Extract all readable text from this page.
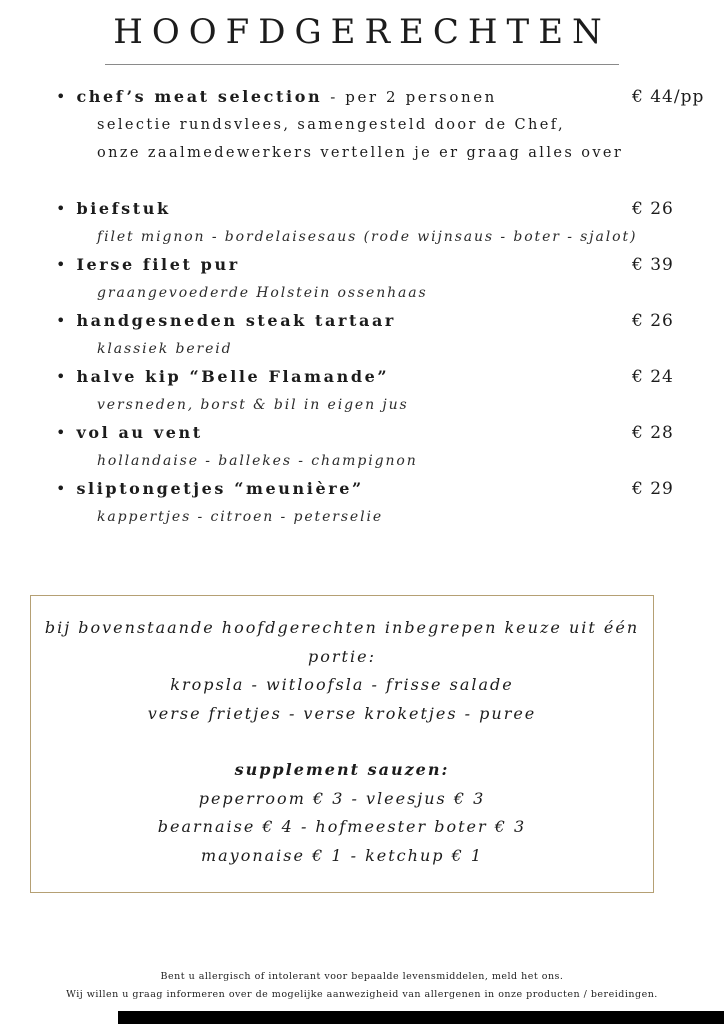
HOOFDGERECHTEN
• chef’s meat selection - per 2 personen	€ 44/pp
selectie rundsvlees, samengesteld door de Chef,
onze zaalmedewerkers vertellen je er graag alles over
• biefstuk	€ 26
filet mignon - bordelaisesaus (rode wijnsaus - boter - sjalot)
• Ierse filet pur	€ 39
graangevoederde Holstein ossenhaas
• handgesneden steak tartaar	€ 26
klassiek bereid
• halve kip “Belle Flamande”	€ 24
versneden, borst & bil in eigen jus
• vol au vent	€ 28
hollandaise - ballekes - champignon
• sliptongetjes “meunière”	€ 29
kappertjes - citroen - peterselie
bij bovenstaande hoofdgerechten inbegrepen keuze uit één portie:
kropsla - witloofsla - frisse salade
verse frietjes - verse kroketjes - puree
supplement sauzen:
peperroom € 3 - vleesjus € 3
bearnaise € 4 - hofmeester boter € 3
mayonaise € 1 - ketchup € 1
Bent u allergisch of intolerant voor bepaalde levensmiddelen, meld het ons.
Wij willen u graag informeren over de mogelijke aanwezigheid van allergenen in onze producten / bereidingen.
